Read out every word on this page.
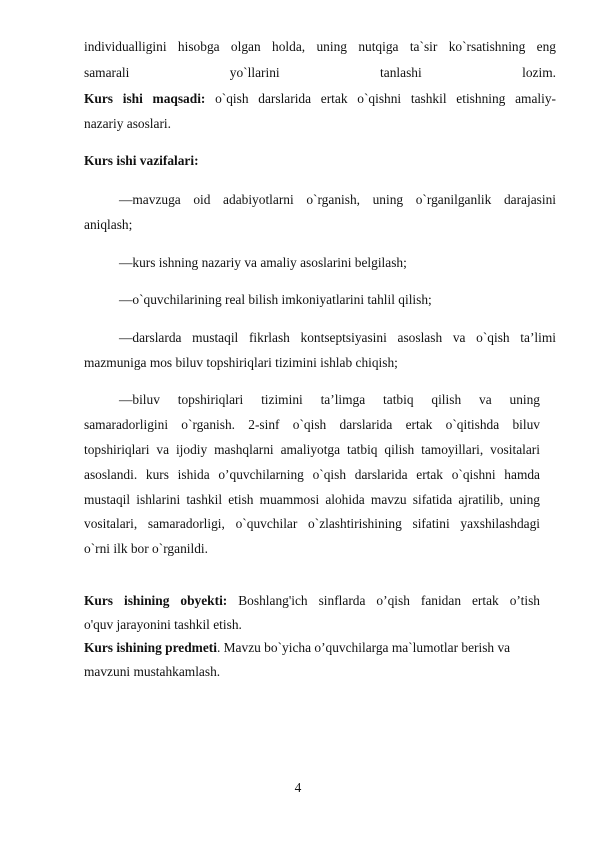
individualligini hisobga olgan holda, uning nutqiga ta`sir ko`rsatishning eng
samarali	yo`llarini	tanlashi	lozim.
Kurs ishi maqsadi: o`qish darslarida ertak o`qishni tashkil etishning amaliy-
nazariy asoslari.
Kurs ishi vazifalari:
—mavzuga oid adabiyotlarni o`rganish, uning o`rganilganlik darajasini
aniqlash;
—kurs ishning nazariy va amaliy asoslarini belgilash;
—o`quvchilarining real bilish imkoniyatlarini tahlil qilish;
—darslarda mustaqil fikrlash kontseptsiyasini asoslash va o`qish ta’limi
mazmuniga mos biluv topshiriqlari tizimini ishlab chiqish;
—biluv topshiriqlari tizimini ta’limga tatbiq qilish va uning
samaradorligini o`rganish. 2-sinf o`qish darslarida ertak o`qitishda biluv
topshiriqlari va ijodiy mashqlarni amaliyotga tatbiq qilish tamoyillari, vositalari
asoslandi. kurs ishida o’quvchilarning o`qish darslarida ertak o`qishni hamda
mustaqil ishlarini tashkil etish muammosi alohida mavzu sifatida ajratilib, uning
vositalari, samaradorligi, o`quvchilar o`zlashtirishining sifatini yaxshilashdagi
o`rni ilk bor o`rganildi.
Kurs ishining obyekti: Boshlang'ich sinflarda o’qish fanidan ertak o’tish
o'quv jarayonini tashkil etish.
Kurs ishining predmeti. Mavzu bo`yicha o’quvchilarga ma`lumotlar berish va
mavzuni mustahkamlash.
4
